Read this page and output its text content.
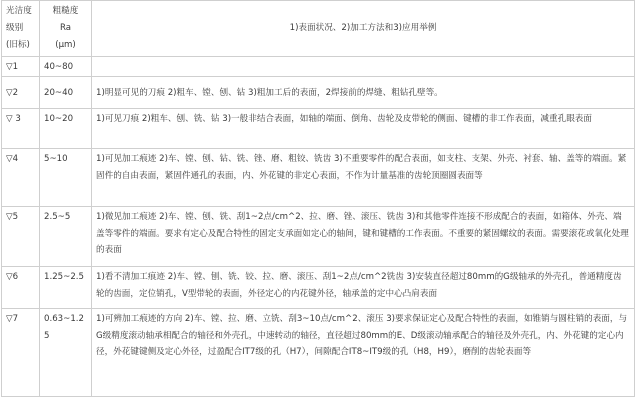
光洁度
级别
(旧标)	粗糙度
Ra
(μm)	1)表面状况、2)加工方法和3)应用举例
▽1	40~80	
▽2	20~40	1)明显可见的刀痕 2)粗车、镗、刨、钻 3)粗加工后的表面，2焊接前的焊缝、粗钻孔壁等。
▽ 3	10~20	1)可见刀痕 2)粗车、刨、铣、钻 3)一般非结合表面，如轴的端面、倒角、齿轮及皮带轮的侧面、键槽的非工作表面，减重孔眼表面
▽4	5~10	1)可见加工痕迹 2)车、镗、刨、钻、铣、锉、磨、粗铰、铣齿 3)不重要零件的配合表面，如支柱、支架、外壳、衬套、轴、盖等的端面。紧固件的自由表面，紧固件通孔的表面，内、外花键的非定心表面，不作为计量基准的齿轮顶圈圆表面等
▽5	2.5~5	1)微见加工痕迹 2)车、镗、刨、铣、刮1~2点/cm^2、拉、磨、锉、滚压、铣齿 3)和其他零件连接不形成配合的表面，如箱体、外壳、端盖等零件的端面。要求有定心及配合特性的固定支承面如定心的轴间，键和键槽的工作表面。不重要的紧固螺纹的表面。需要滚花或氧化处理的表面
▽6	1.25~2.5	1)看不清加工痕迹 2)车、镗、刨、铣、铰、拉、磨、滚压、刮1~2点/cm^2铣齿 3)安装直径超过80mm的G级轴承的外壳孔，普通精度齿轮的齿面，定位销孔，V型带轮的表面，外径定心的内花键外径，轴承盖的定中心凸肩表面
▽7	0.63~1.25	1)可辨加工痕迹的方向 2)车、镗、拉、磨、立铣、刮3~10点/cm^2、滚压 3)要求保证定心及配合特性的表面，如锥销与圆柱销的表面，与G级精度滚动轴承相配合的轴径和外壳孔，中速转动的轴径，直径超过80mm的E、D级滚动轴承配合的轴径及外壳孔，内、外花键的定心内径，外花键键侧及定心外径，过盈配合IT7级的孔（H7），间隙配合IT8~IT9级的孔（H8，H9），磨削的齿轮表面等
